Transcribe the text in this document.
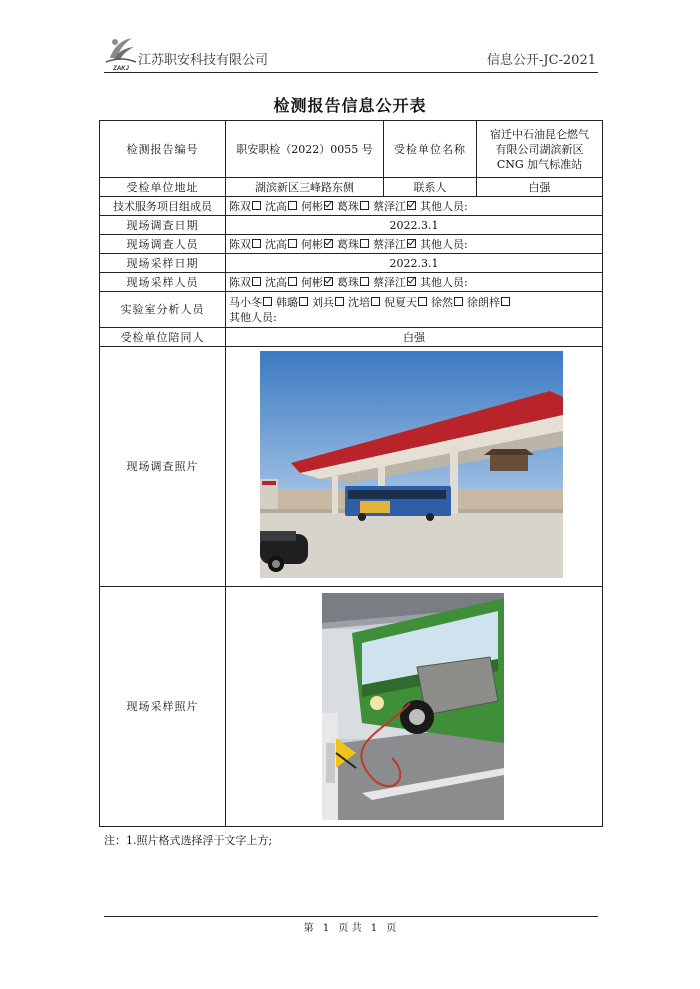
ZAKJ
江苏职安科技有限公司	信息公开-JC-2021
检测报告信息公开表
检测报告编号	职安职检（2022）0055 号	受检单位名称	宿迁中石油昆仑燃气
有限公司湖滨新区
CNG 加气标准站

受检单位地址	湖滨新区三峰路东侧	联系人	白强
技术服务项目组成员	陈双 沈高 何彬 葛珠 蔡泽江 其他人员:		
现场调查日期	2022.3.1		
现场调查人员	陈双 沈高 何彬 葛珠 蔡泽江 其他人员:		
现场采样日期	2022.3.1		
现场采样人员	陈双 沈高 何彬 葛珠 蔡泽江 其他人员:		
实验室分析人员	马小冬 韩璐 刘兵 沈培 倪夏天 徐然 徐朗梓
其他人员:		

受检单位陪同人	白强		
现场调查照片	

现场采样照片	
注：1.照片格式选择浮于文字上方;
第 1 页 共 1 页
